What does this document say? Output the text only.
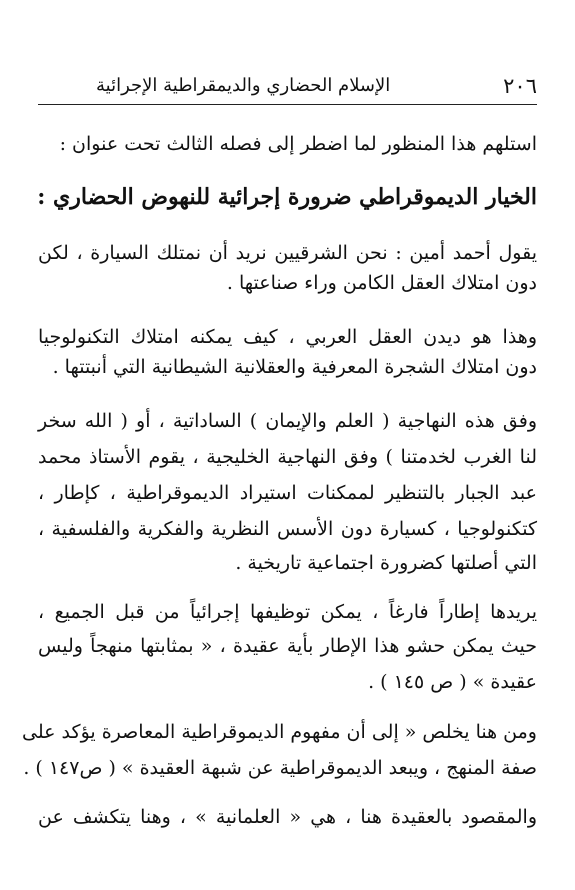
٢٠٦
الإسلام الحضاري والديمقراطية الإجرائية
استلهم هذا المنظور لما اضطر إلى فصله الثالث تحت عنوان :
الخيار الديموقراطي ضرورة إجرائية للنهوض الحضاري :
يقول أحمد أمين : نحن الشرقيين نريد أن نمتلك السيارة ، لكن
دون امتلاك العقل الكامن وراء صناعتها .
وهذا هو ديدن العقل العربي ، كيف يمكنه امتلاك التكنولوجيا
دون امتلاك الشجرة المعرفية والعقلانية الشيطانية التي أنبتتها .
وفق هذه النهاجية ( العلم والإيمان ) الساداتية ، أو ( الله سخر
لنا الغرب لخدمتنا ) وفق النهاجية الخليجية ، يقوم الأستاذ محمد
عبد الجبار بالتنظير لممكنات استيراد الديموقراطية ، كإطار ،
كتكنولوجيا ، كسيارة دون الأسس النظرية والفكرية والفلسفية ،
التي أصلتها كضرورة اجتماعية تاريخية .
يريدها إطاراً فارغاً ، يمكن توظيفها إجرائياً من قبل الجميع ،
حيث يمكن حشو هذا الإطار بأية عقيدة ، « بمثابتها منهجاً وليس
عقيدة » ( ص ١٤٥ ) .
ومن هنا يخلص « إلى أن مفهوم الديموقراطية المعاصرة يؤكد على
صفة المنهج ، ويبعد الديموقراطية عن شبهة العقيدة » ( ص١٤٧ ) .
والمقصود بالعقيدة هنا ، هي « العلمانية » ، وهنا يتكشف عن
